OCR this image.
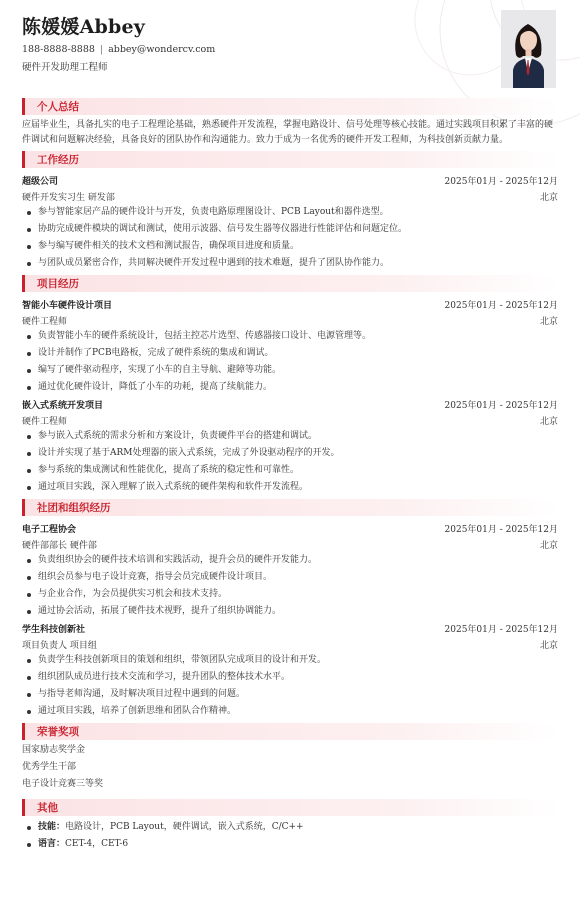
陈媛媛Abbey
188-8888-8888 | abbey@wondercv.com
硬件开发助理工程师
个人总结

应届毕业生，具备扎实的电子工程理论基础，熟悉硬件开发流程，掌握电路设计、信号处理等核心技能。通过实践项目积累了丰富的硬件调试和问题解决经验，具备良好的团队协作和沟通能力。致力于成为一名优秀的硬件开发工程师，为科技创新贡献力量。

工作经历
超级公司	2025年01月 - 2025年12月
硬件开发实习生 研发部	北京
参与智能家居产品的硬件设计与开发，负责电路原理图设计、PCB Layout和器件选型。
协助完成硬件模块的调试和测试，使用示波器、信号发生器等仪器进行性能评估和问题定位。
参与编写硬件相关的技术文档和测试报告，确保项目进度和质量。
与团队成员紧密合作，共同解决硬件开发过程中遇到的技术难题，提升了团队协作能力。
项目经历
智能小车硬件设计项目	2025年01月 - 2025年12月
硬件工程师	北京
负责智能小车的硬件系统设计，包括主控芯片选型、传感器接口设计、电源管理等。
设计并制作了PCB电路板，完成了硬件系统的集成和调试。
编写了硬件驱动程序，实现了小车的自主导航、避障等功能。
通过优化硬件设计，降低了小车的功耗，提高了续航能力。
嵌入式系统开发项目	2025年01月 - 2025年12月
硬件工程师	北京
参与嵌入式系统的需求分析和方案设计，负责硬件平台的搭建和调试。
设计并实现了基于ARM处理器的嵌入式系统，完成了外设驱动程序的开发。
参与系统的集成测试和性能优化，提高了系统的稳定性和可靠性。
通过项目实践，深入理解了嵌入式系统的硬件架构和软件开发流程。
社团和组织经历
电子工程协会	2025年01月 - 2025年12月
硬件部部长 硬件部	北京
负责组织协会的硬件技术培训和实践活动，提升会员的硬件开发能力。
组织会员参与电子设计竞赛，指导会员完成硬件设计项目。
与企业合作，为会员提供实习机会和技术支持。
通过协会活动，拓展了硬件技术视野，提升了组织协调能力。
学生科技创新社	2025年01月 - 2025年12月
项目负责人 项目组	北京
负责学生科技创新项目的策划和组织，带领团队完成项目的设计和开发。
组织团队成员进行技术交流和学习，提升团队的整体技术水平。
与指导老师沟通，及时解决项目过程中遇到的问题。
通过项目实践，培养了创新思维和团队合作精神。
荣誉奖项
国家励志奖学金
优秀学生干部
电子设计竞赛三等奖
其他
技能：电路设计，PCB Layout，硬件调试，嵌入式系统，C/C++
语言：CET-4，CET-6
